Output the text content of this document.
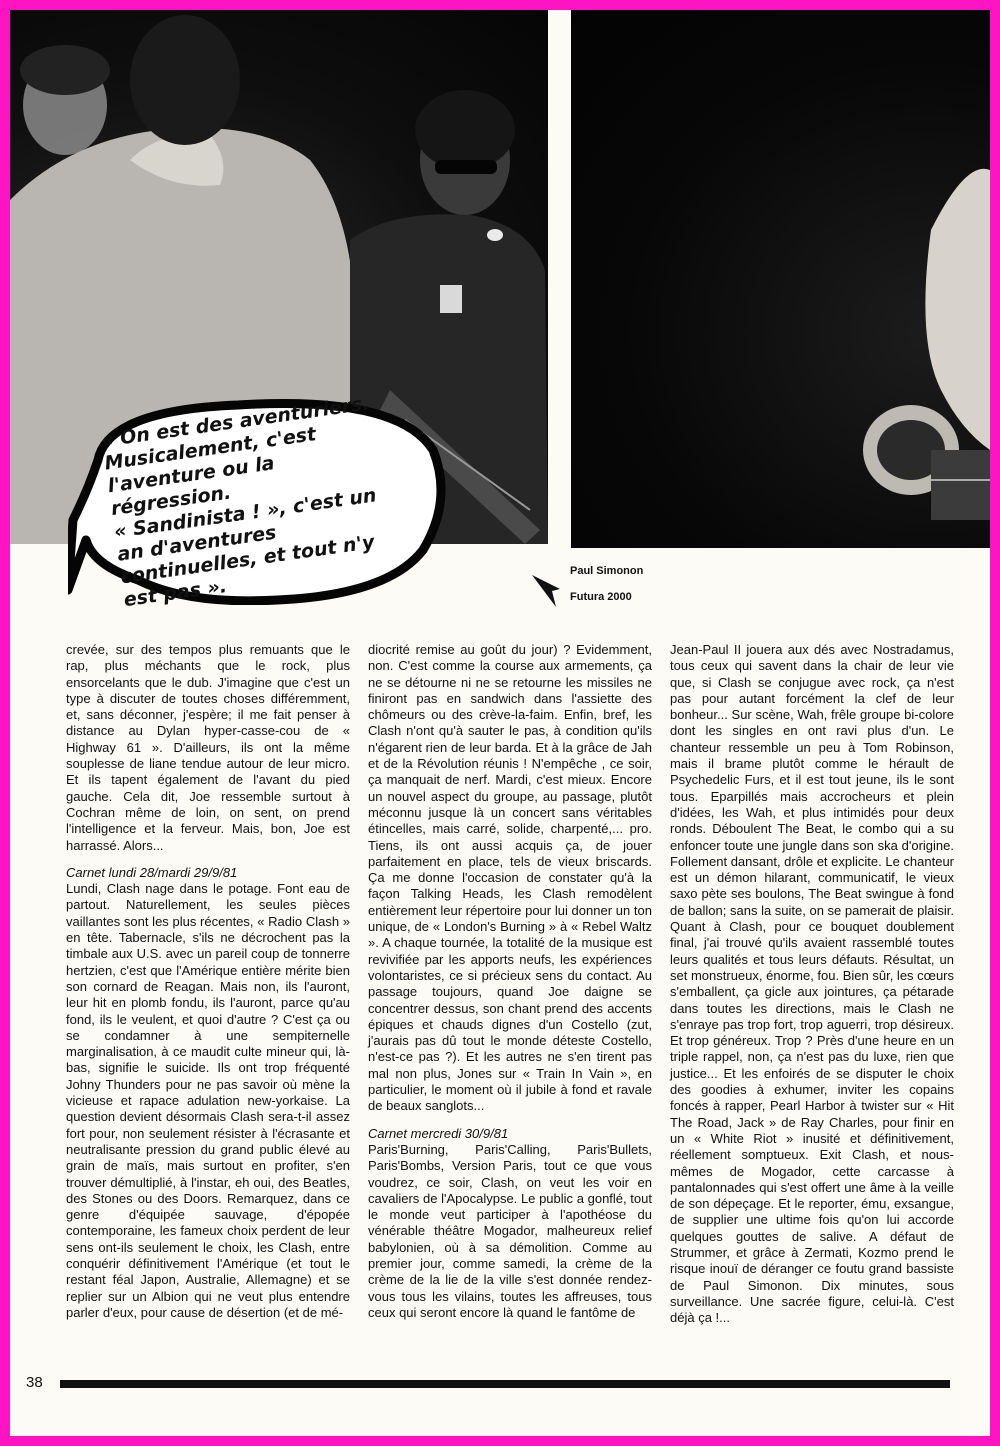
« On est des aventuriers.
Musicalement, c'est
l'aventure ou la
régression.
« Sandinista ! », c'est un
an d'aventures
continuelles, et tout n'y
est pas ».
Paul Simonon
Futura 2000

crevée, sur des tempos plus remuants que le rap, plus méchants que le rock, plus ensorcelants que le dub. J'imagine que c'est un type à discuter de toutes choses différemment, et, sans déconner, j'espère; il me fait penser à distance au Dylan hyper-casse-cou de « Highway 61 ». D'ailleurs, ils ont la même souplesse de liane tendue autour de leur micro. Et ils tapent également de l'avant du pied gauche. Cela dit, Joe ressemble surtout à Cochran même de loin, on sent, on prend l'intelligence et la ferveur. Mais, bon, Joe est harrassé. Alors...

Carnet lundi 28/mardi 29/9/81

Lundi, Clash nage dans le potage. Font eau de partout. Naturellement, les seules pièces vaillantes sont les plus récentes, « Radio Clash » en tête. Tabernacle, s'ils ne décrochent pas la timbale aux U.S. avec un pareil coup de tonnerre hertzien, c'est que l'Amérique entière mérite bien son cornard de Reagan. Mais non, ils l'auront, leur hit en plomb fondu, ils l'auront, parce qu'au fond, ils le veulent, et quoi d'autre ? C'est ça ou se condamner à une sempiternelle marginalisation, à ce maudit culte mineur qui, là-bas, signifie le suicide. Ils ont trop fréquenté Johny Thunders pour ne pas savoir où mène la vicieuse et rapace adulation new-yorkaise. La question devient désormais Clash sera-t-il assez fort pour, non seulement résister à l'écrasante et neutralisante pression du grand public élevé au grain de maïs, mais surtout en profiter, s'en trouver démultiplié, à l'instar, eh oui, des Beatles, des Stones ou des Doors. Remarquez, dans ce genre d'équipée sauvage, d'épopée contemporaine, les fameux choix perdent de leur sens ont-ils seulement le choix, les Clash, entre conquérir définitivement l'Amérique (et tout le restant féal Japon, Australie, Allemagne) et se replier sur un Albion qui ne veut plus entendre parler d'eux, pour cause de désertion (et de mé-

diocrité remise au goût du jour) ? Evidemment, non. C'est comme la course aux armements, ça ne se détourne ni ne se retourne les missiles ne finiront pas en sandwich dans l'assiette des chômeurs ou des crève-la-faim. Enfin, bref, les Clash n'ont qu'à sauter le pas, à condition qu'ils n'égarent rien de leur barda. Et à la grâce de Jah et de la Révolution réunis ! N'empêche , ce soir, ça manquait de nerf. Mardi, c'est mieux. Encore un nouvel aspect du groupe, au passage, plutôt méconnu jusque là un concert sans véritables étincelles, mais carré, solide, charpenté,... pro. Tiens, ils ont aussi acquis ça, de jouer parfaitement en place, tels de vieux briscards. Ça me donne l'occasion de constater qu'à la façon Talking Heads, les Clash remodèlent entièrement leur répertoire pour lui donner un ton unique, de « London's Burning » à « Rebel Waltz ». A chaque tournée, la totalité de la musique est revivifiée par les apports neufs, les expériences volontaristes, ce si précieux sens du contact. Au passage toujours, quand Joe daigne se concentrer dessus, son chant prend des accents épiques et chauds dignes d'un Costello (zut, j'aurais pas dû tout le monde déteste Costello, n'est-ce pas ?). Et les autres ne s'en tirent pas mal non plus, Jones sur « Train In Vain », en particulier, le moment où il jubile à fond et ravale de beaux sanglots...

Carnet mercredi 30/9/81

Paris'Burning, Paris'Calling, Paris'Bullets, Paris'Bombs, Version Paris, tout ce que vous voudrez, ce soir, Clash, on veut les voir en cavaliers de l'Apocalypse. Le public a gonflé, tout le monde veut participer à l'apothéose du vénérable théâtre Mogador, malheureux relief babylonien, où à sa démolition. Comme au premier jour, comme samedi, la crème de la crème de la lie de la ville s'est donnée rendez-vous tous les vilains, toutes les affreuses, tous ceux qui seront encore là quand le fantôme de

Jean-Paul II jouera aux dés avec Nostradamus, tous ceux qui savent dans la chair de leur vie que, si Clash se conjugue avec rock, ça n'est pas pour autant forcément la clef de leur bonheur... Sur scène, Wah, frêle groupe bi-colore dont les singles en ont ravi plus d'un. Le chanteur ressemble un peu à Tom Robinson, mais il brame plutôt comme le hérault de Psychedelic Furs, et il est tout jeune, ils le sont tous. Eparpillés mais accrocheurs et plein d'idées, les Wah, et plus intimidés pour deux ronds. Déboulent The Beat, le combo qui a su enfoncer toute une jungle dans son ska d'origine. Follement dansant, drôle et explicite. Le chanteur est un démon hilarant, communicatif, le vieux saxo pète ses boulons, The Beat swingue à fond de ballon; sans la suite, on se pamerait de plaisir. Quant à Clash, pour ce bouquet doublement final, j'ai trouvé qu'ils avaient rassemblé toutes leurs qualités et tous leurs défauts. Résultat, un set monstrueux, énorme, fou. Bien sûr, les cœurs s'emballent, ça gicle aux jointures, ça pétarade dans toutes les directions, mais le Clash ne s'enraye pas trop fort, trop aguerri, trop désireux. Et trop généreux. Trop ? Près d'une heure en un triple rappel, non, ça n'est pas du luxe, rien que justice... Et les enfoirés de se disputer le choix des goodies à exhumer, inviter les copains foncés à rapper, Pearl Harbor à twister sur « Hit The Road, Jack » de Ray Charles, pour finir en un « White Riot » inusité et définitivement, réellement somptueux. Exit Clash, et nous-mêmes de Mogador, cette carcasse à pantalonnades qui s'est offert une âme à la veille de son dépeçage. Et le reporter, ému, exsangue, de supplier une ultime fois qu'on lui accorde quelques gouttes de salive. A défaut de Strummer, et grâce à Zermati, Kozmo prend le risque inouï de déranger ce foutu grand bassiste de Paul Simonon. Dix minutes, sous surveillance. Une sacrée figure, celui-là. C'est déjà ça !...

38
